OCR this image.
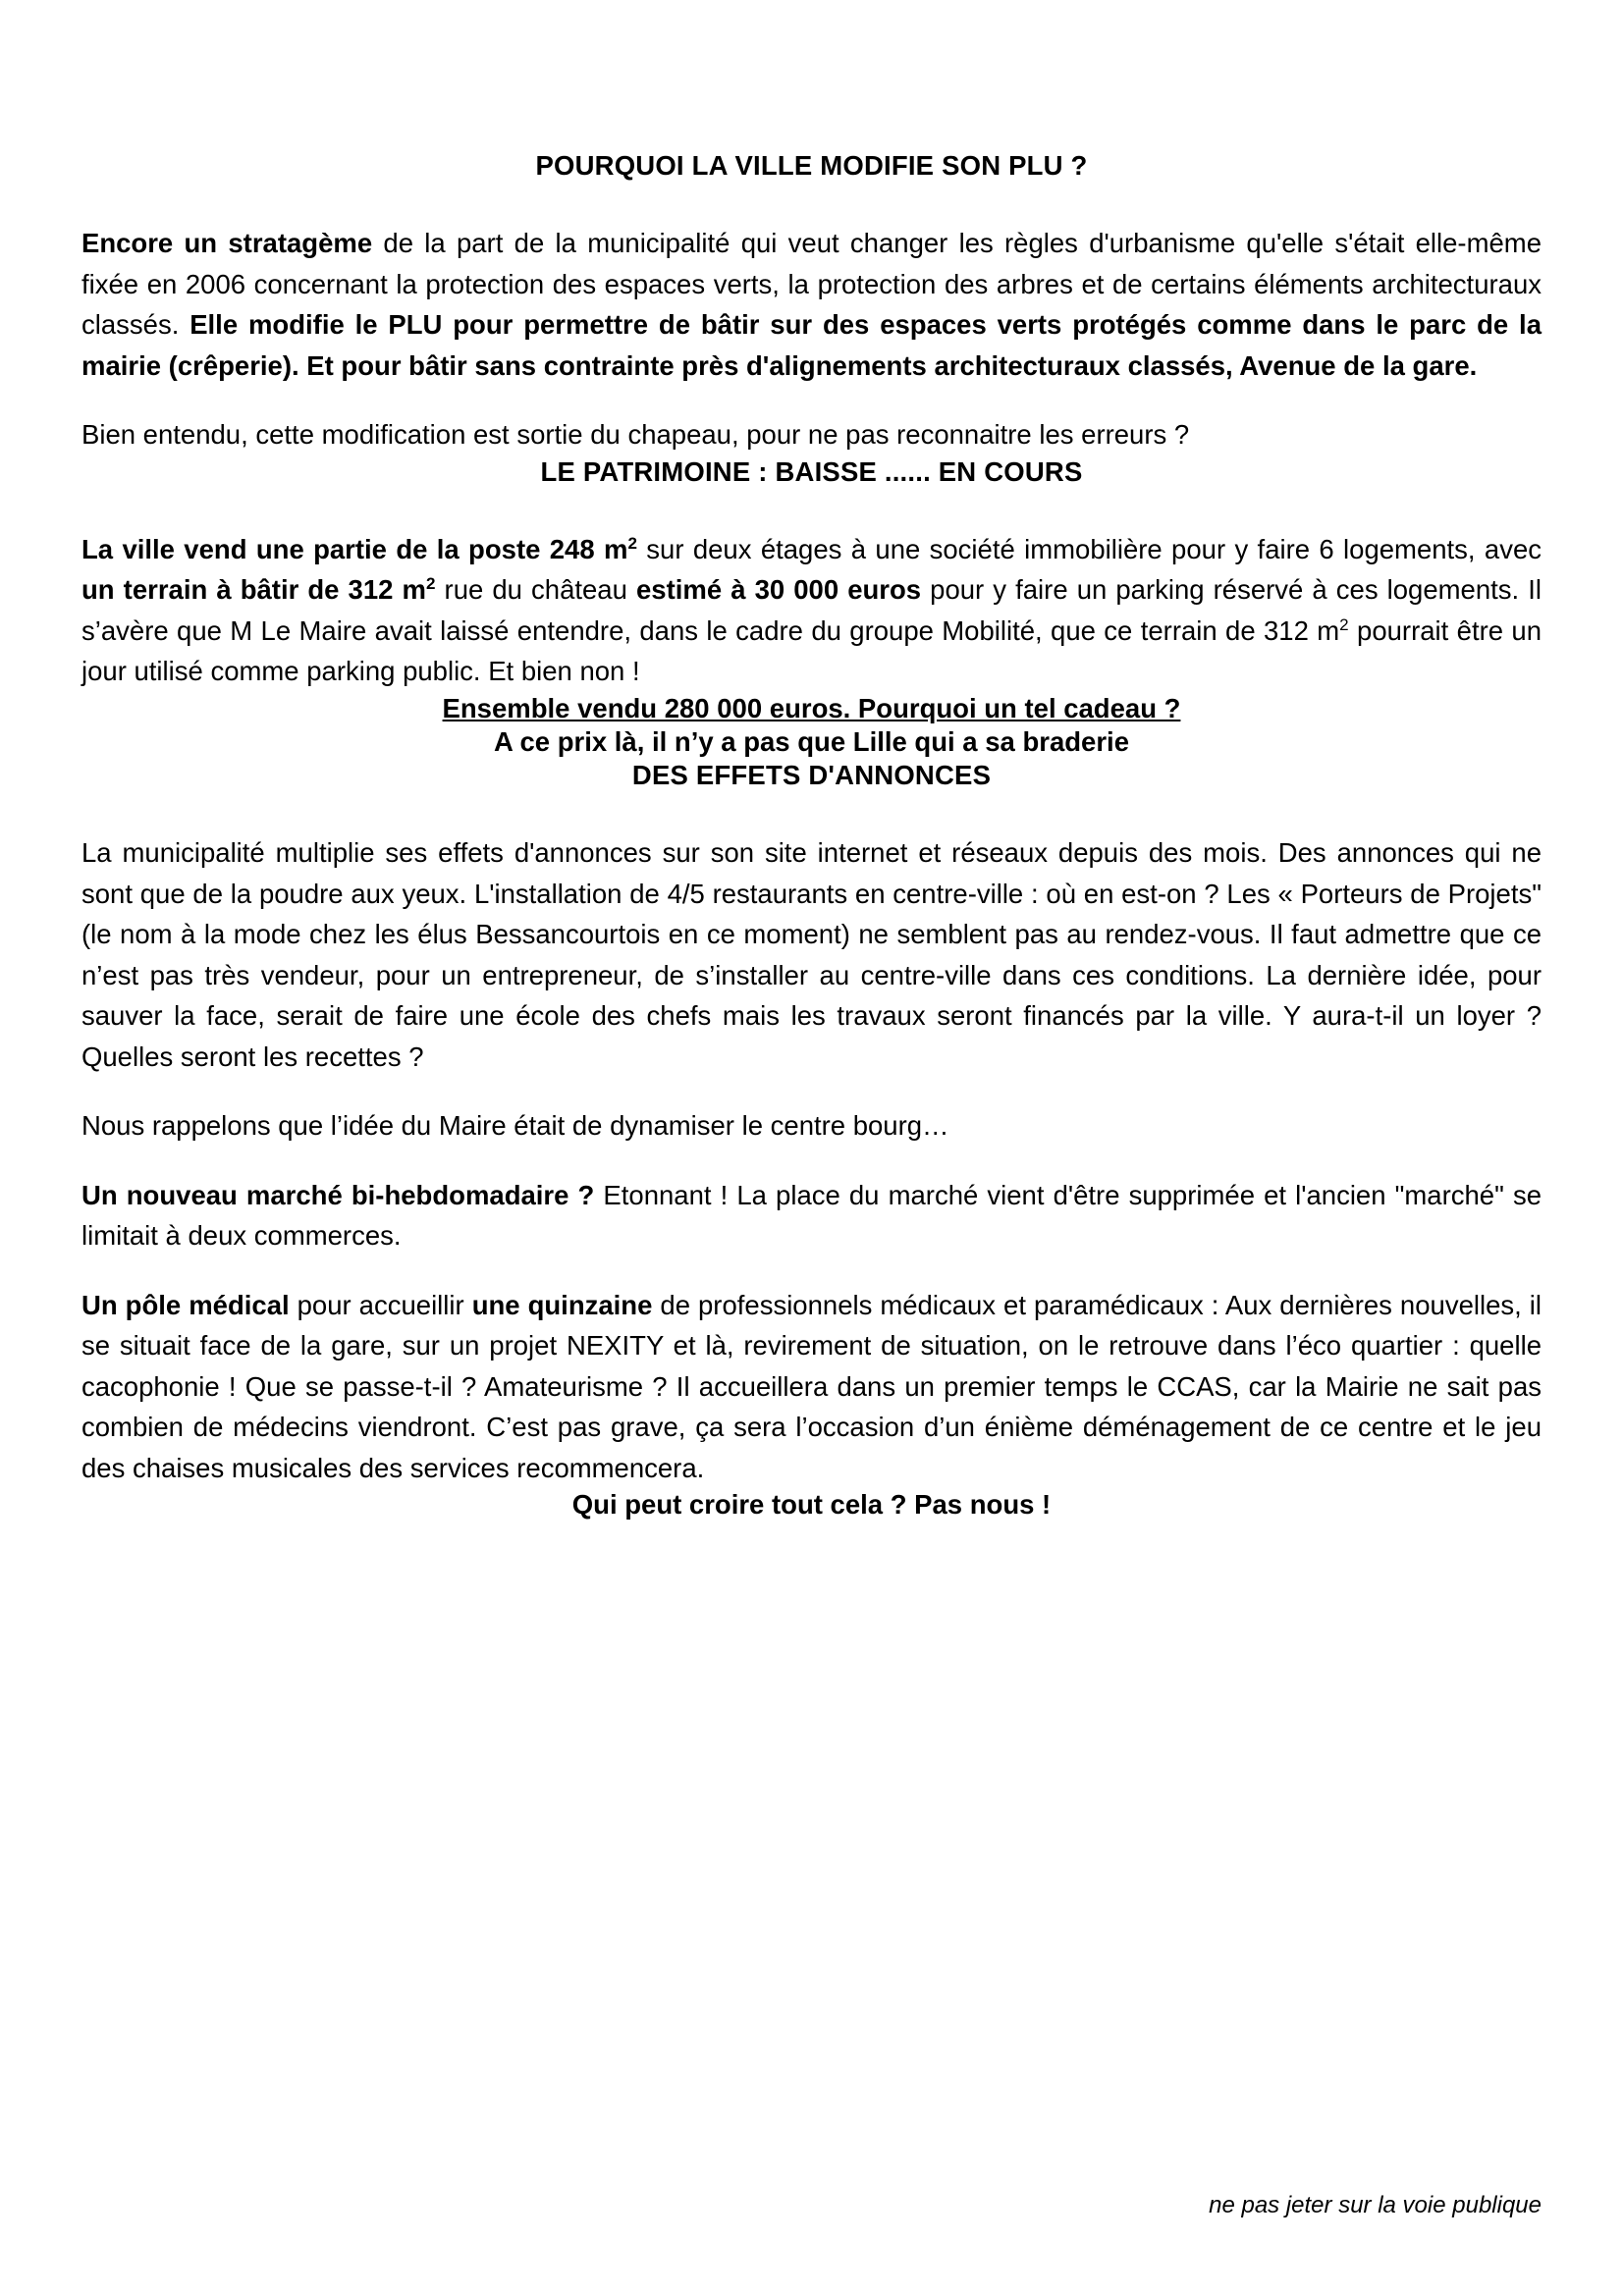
POURQUOI LA VILLE MODIFIE SON PLU ?

Encore un stratagème de la part de la municipalité qui veut changer les règles d'urbanisme qu'elle s'était elle-même fixée en 2006 concernant la protection des espaces verts, la protection des arbres et de certains éléments architecturaux classés. Elle modifie le PLU pour permettre de bâtir sur des espaces verts protégés comme dans le parc de la mairie (crêperie). Et pour bâtir sans contrainte près d'alignements architecturaux classés, Avenue de la gare.

Bien entendu, cette modification est sortie du chapeau, pour ne pas reconnaitre les erreurs ?

LE PATRIMOINE : BAISSE ...... EN COURS

La ville vend une partie de la poste 248 $m^2$ sur deux étages à une société immobilière pour y faire 6 logements, avec un terrain à bâtir de 312 $m^2$ rue du château estimé à 30 000 euros pour y faire un parking réservé à ces logements. Il s’avère que M Le Maire avait laissé entendre, dans le cadre du groupe Mobilité, que ce terrain de 312 $m^2$ pourrait être un jour utilisé comme parking public. Et bien non !

Ensemble vendu 280 000 euros. Pourquoi un tel cadeau ?

A ce prix là, il n’y a pas que Lille qui a sa braderie

DES EFFETS D'ANNONCES

La municipalité multiplie ses effets d'annonces sur son site internet et réseaux depuis des mois. Des annonces qui ne sont que de la poudre aux yeux. L'installation de 4/5 restaurants en centre-ville : où en est-on ? Les « Porteurs de Projets" (le nom à la mode chez les élus Bessancourtois en ce moment) ne semblent pas au rendez-vous. Il faut admettre que ce n’est pas très vendeur, pour un entrepreneur, de s’installer au centre-ville dans ces conditions. La dernière idée, pour sauver la face, serait de faire une école des chefs mais les travaux seront financés par la ville. Y aura-t-il un loyer ? Quelles seront les recettes ?

Nous rappelons que l’idée du Maire était de dynamiser le centre bourg…

Un nouveau marché bi-hebdomadaire ? Etonnant ! La place du marché vient d'être supprimée et l'ancien "marché" se limitait à deux commerces.

Un pôle médical pour accueillir une quinzaine de professionnels médicaux et paramédicaux : Aux dernières nouvelles, il se situait face de la gare, sur un projet NEXITY et là, revirement de situation, on le retrouve dans l’éco quartier : quelle cacophonie ! Que se passe-t-il ? Amateurisme ? Il accueillera dans un premier temps le CCAS, car la Mairie ne sait pas combien de médecins viendront. C’est pas grave, ça sera l’occasion d’un énième déménagement de ce centre et le jeu des chaises musicales des services recommencera.

Qui peut croire tout cela ? Pas nous !

ne pas jeter sur la voie publique
